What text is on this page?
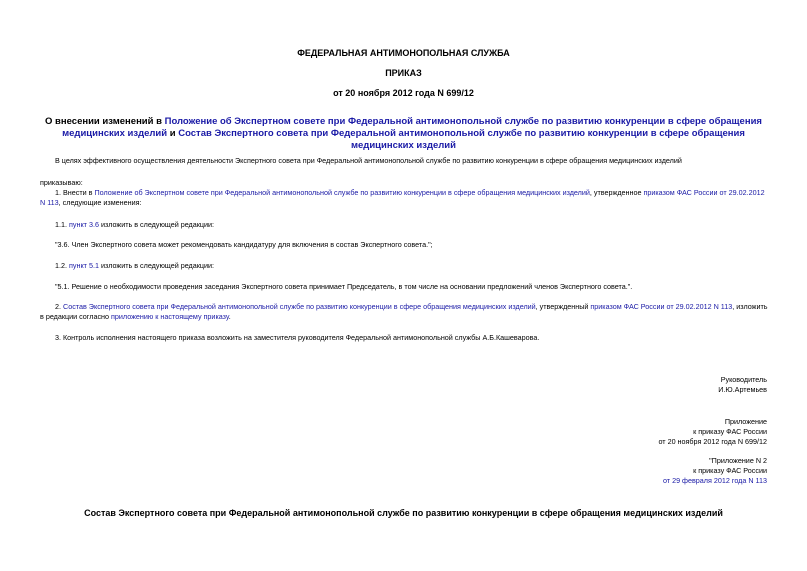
ФЕДЕРАЛЬНАЯ АНТИМОНОПОЛЬНАЯ СЛУЖБА
ПРИКАЗ
от 20 ноября 2012 года N 699/12
О внесении изменений в Положение об Экспертном совете при Федеральной антимонопольной службе по развитию конкуренции в сфере обращения медицинских изделий и Состав Экспертного совета при Федеральной антимонопольной службе по развитию конкуренции в сфере обращения медицинских изделий
В целях эффективного осуществления деятельности Экспертного совета при Федеральной антимонопольной службе по развитию конкуренции в сфере обращения медицинских изделий
приказываю:
1. Внести в Положение об Экспертном совете при Федеральной антимонопольной службе по развитию конкуренции в сфере обращения медицинских изделий, утвержденное приказом ФАС России от 29.02.2012 N 113, следующие изменения:
1.1. пункт 3.6 изложить в следующей редакции:
"3.6. Член Экспертного совета может рекомендовать кандидатуру для включения в состав Экспертного совета.";
1.2. пункт 5.1 изложить в следующей редакции:
"5.1. Решение о необходимости проведения заседания Экспертного совета принимает Председатель, в том числе на основании предложений членов Экспертного совета.".
2. Состав Экспертного совета при Федеральной антимонопольной службе по развитию конкуренции в сфере обращения медицинских изделий, утвержденный приказом ФАС России от 29.02.2012 N 113, изложить в редакции согласно приложению к настоящему приказу.
3. Контроль исполнения настоящего приказа возложить на заместителя руководителя Федеральной антимонопольной службы А.Б.Кашеварова.
Руководитель
И.Ю.Артемьев
Приложение
к приказу ФАС России
от 20 ноября 2012 года N 699/12
"Приложение N 2
к приказу ФАС России
от 29 февраля 2012 года N 113
Состав Экспертного совета при Федеральной антимонопольной службе по развитию конкуренции в сфере обращения медицинских изделий
